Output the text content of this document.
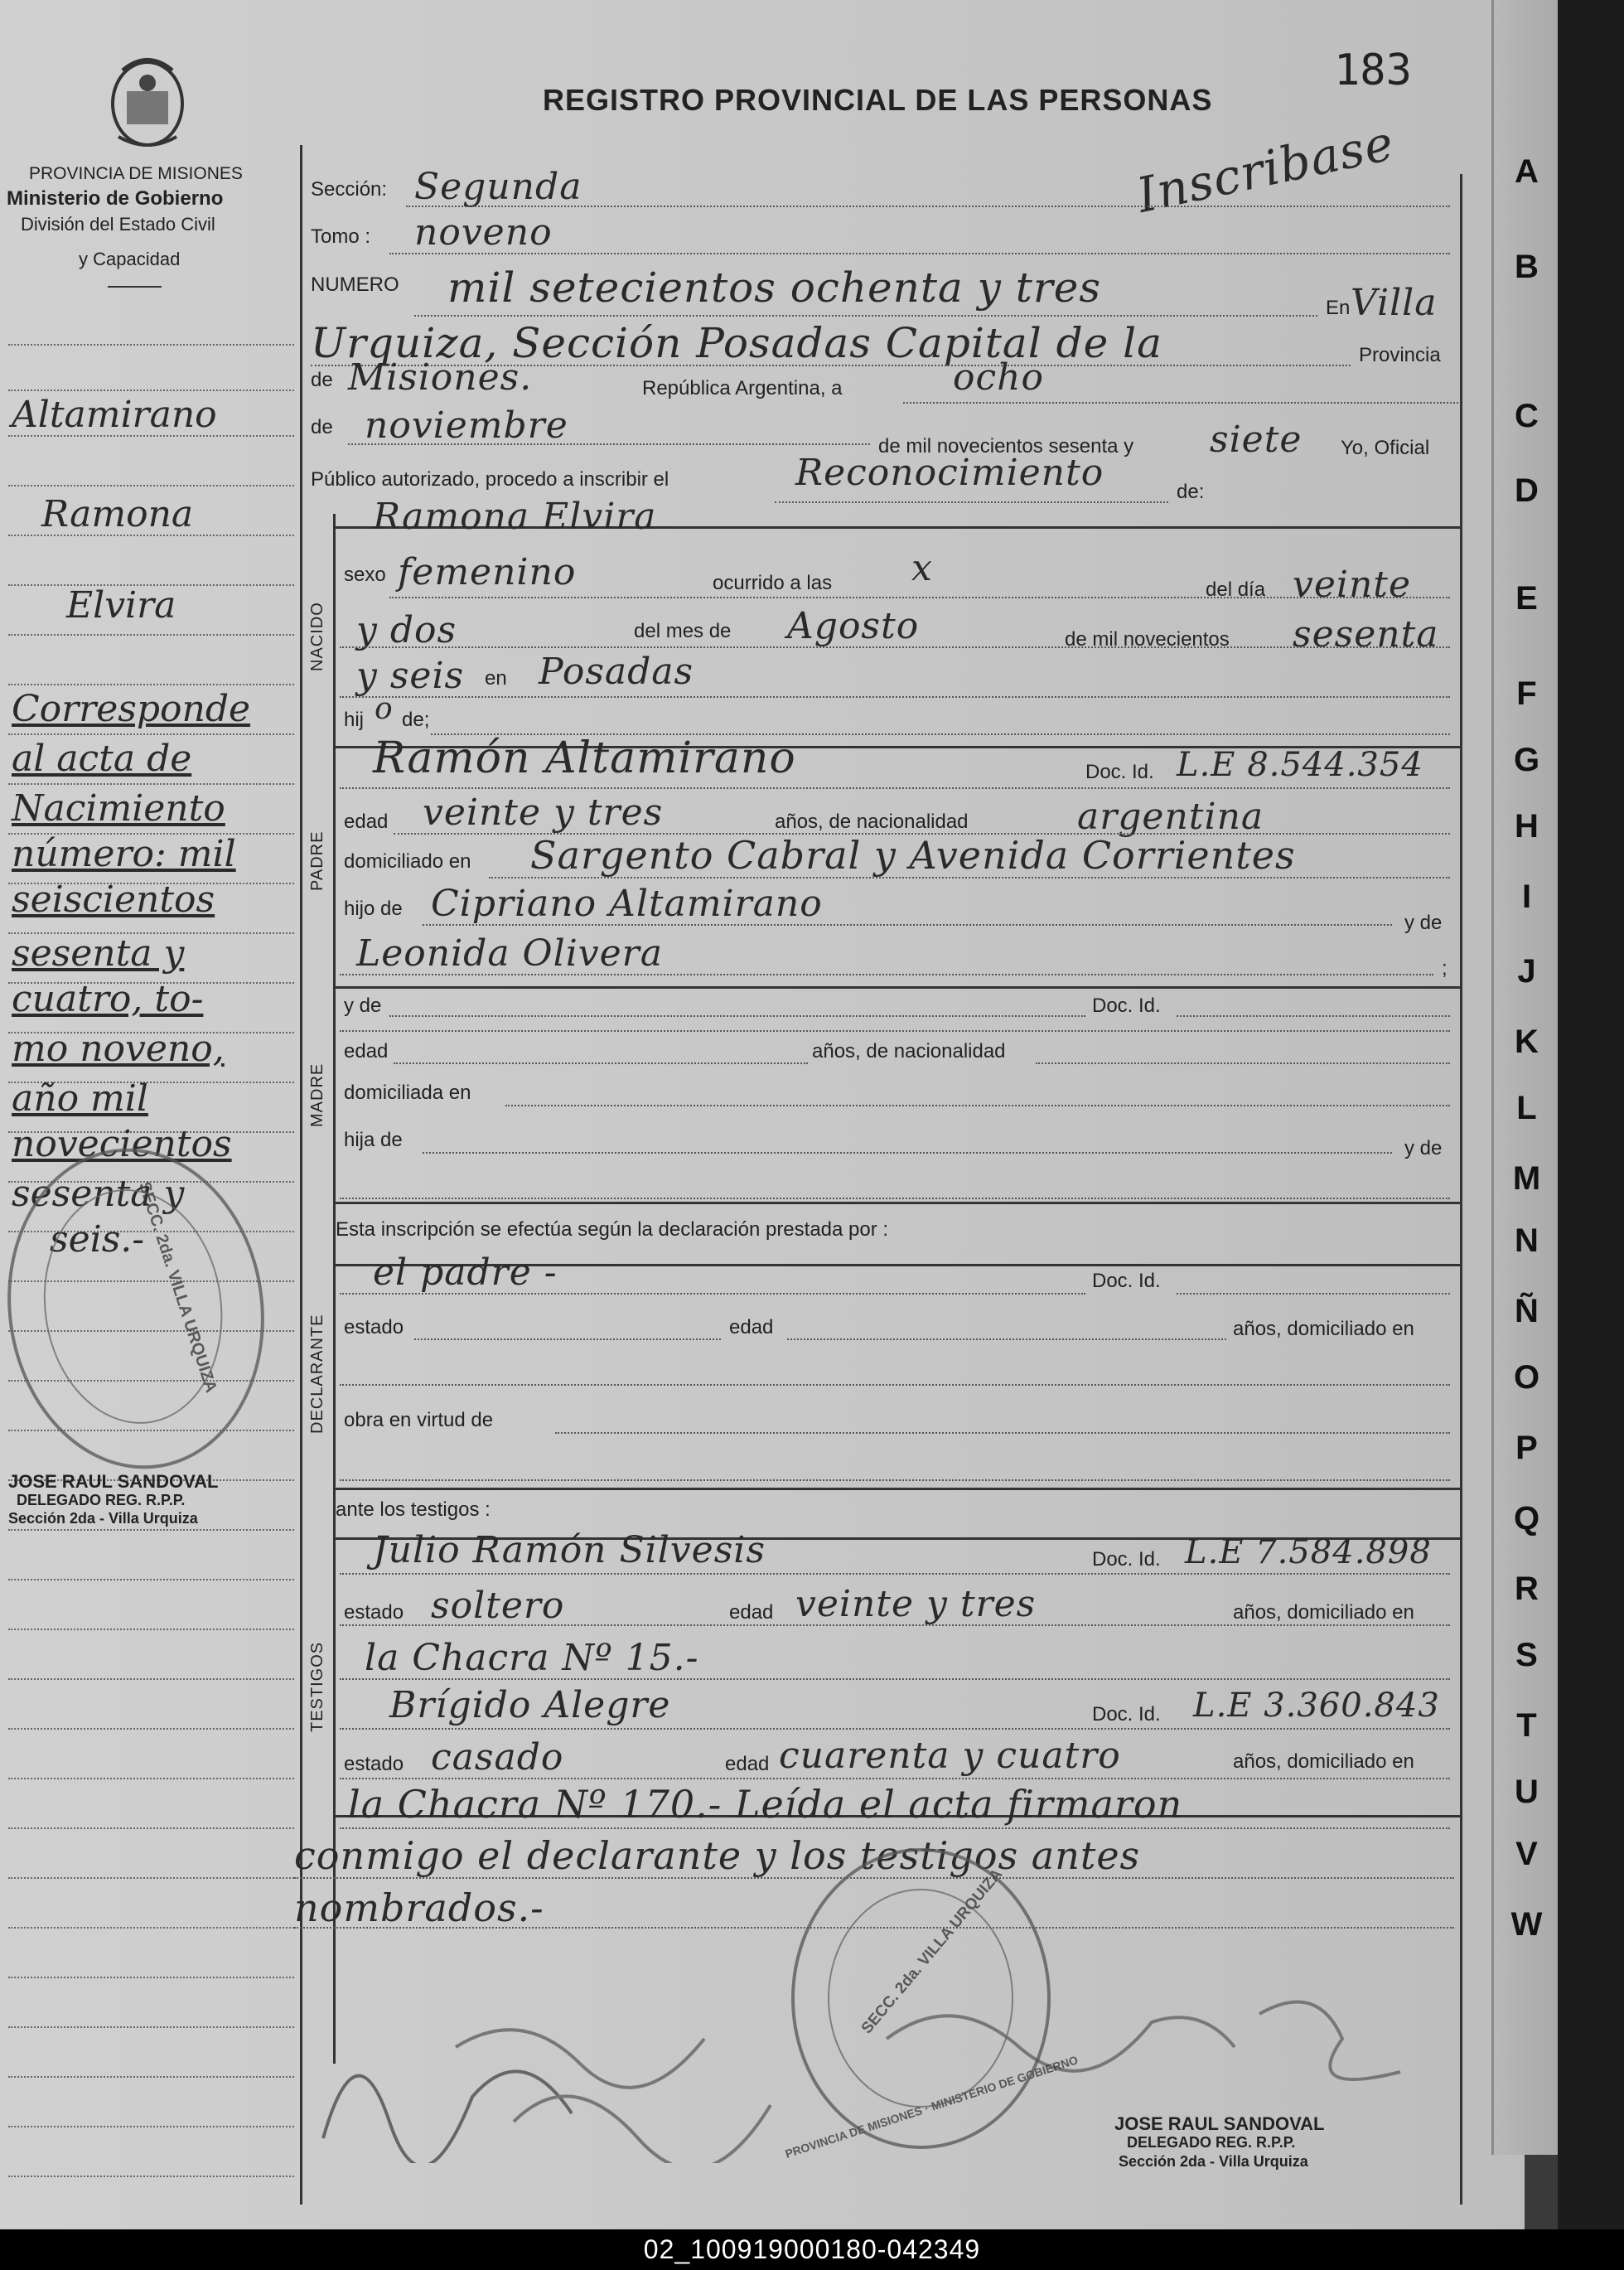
PROVINCIA DE MISIONES
Ministerio de Gobierno
División del Estado Civil
y Capacidad
REGISTRO PROVINCIAL DE LAS PERSONAS
183
Inscribase
Altamirano
Ramona
Elvira
Corresponde
al acta de
Nacimiento
número: mil
seiscientos
sesenta y
cuatro, to-
mo noveno,
año mil
novecientos
sesenta y
seis.-
SECC. 2da. VILLA URQUIZA
JOSE RAUL SANDOVAL
DELEGADO REG. R.P.P.
Sección 2da - Villa Urquiza
NACIDO
PADRE
MADRE
DECLARANTE
TESTIGOS
Sección: Segunda
Tomo : noveno
NUMERO mil setecientos ochenta y tres	En Villa
Urquiza, Sección Posadas Capital de la	Provincia
de Misiones.	República Argentina, a	ocho
de noviembre	de mil novecientos sesenta y siete Yo, Oficial
Público autorizado, procedo a inscribir el	Reconocimiento	de:
Ramona Elvira
sexo femenino	ocurrido a las x
del día veinte
y dos	del mes de Agosto	de mil novecientos sesenta
y seis en Posadas
hij o de;
Ramón Altamirano	Doc. Id. L.E 8.544.354
edad veinte y tres	años, de nacionalidad	argentina
domiciliado en Sargento Cabral y Avenida Corrientes
hijo de Cipriano Altamirano	y de
Leonida Olivera	;
y de	Doc. Id.
edad	años, de nacionalidad
domiciliada en
hija de	y de
Esta inscripción se efectúa según la declaración prestada por :
el padre -	Doc. Id.
estado	edad	años, domiciliado en
obra en virtud de
ante los testigos :
Julio Ramón Silvesis	Doc. Id. L.E 7.584.898
estado soltero	edad veinte y tres	años, domiciliado en
la Chacra Nº 15.-
Brígido Alegre	Doc. Id. L.E 3.360.843
estado casado	edad cuarenta y cuatro	años, domiciliado en
la Chacra Nº 170.- Leída el acta firmaron
conmigo el declarante y los testigos antes
nombrados.-	SECC. 2da. VILLA URQUIZA
PROVINCIA DE MISIONES · MINISTERIO DE GOBIERNO JOSE RAUL SANDOVAL
DELEGADO REG. R.P.P.
Sección 2da - Villa Urquiza
A
B
C
D
E
F
G
H
I
J
K
L
M
N
Ñ
O
P
Q
R
S
T
U
V
W
02_100919000180-042349
